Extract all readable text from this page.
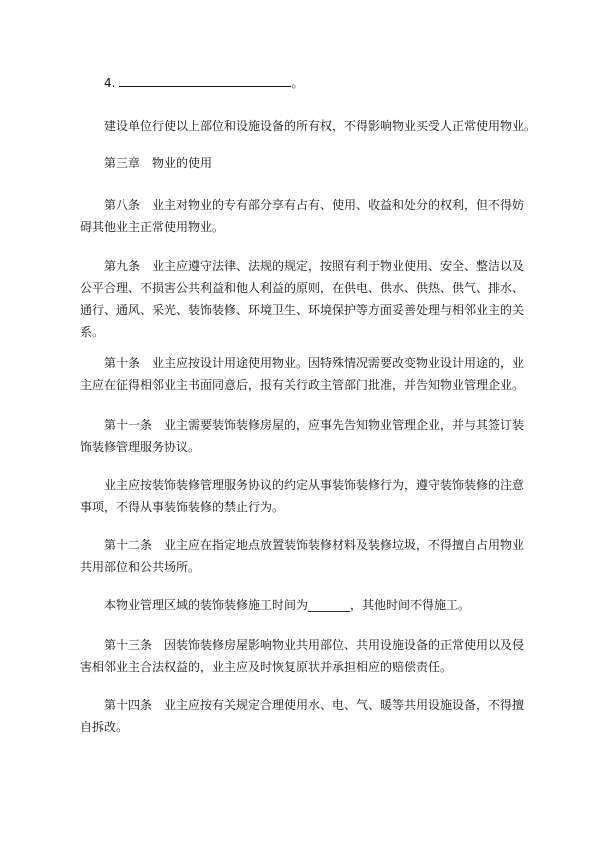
4.	。

建设单位行使以上部位和设施设备的所有权，不得影响物业买受人正常使用物业。

第三章　物业的使用

第八条　业主对物业的专有部分享有占有、使用、收益和处分的权利，但不得妨
碍其他业主正常使用物业。

第九条　业主应遵守法律、法规的规定，按照有利于物业使用、安全、整洁以及
公平合理、不损害公共利益和他人利益的原则，在供电、供水、供热、供气、排水、
通行、通风、采光、装饰装修、环境卫生、环境保护等方面妥善处理与相邻业主的关
系。

第十条　业主应按设计用途使用物业。因特殊情况需要改变物业设计用途的，业
主应在征得相邻业主书面同意后，报有关行政主管部门批准，并告知物业管理企业。

第十一条　业主需要装饰装修房屋的，应事先告知物业管理企业，并与其签订装
饰装修管理服务协议。

业主应按装饰装修管理服务协议的约定从事装饰装修行为，遵守装饰装修的注意
事项，不得从事装饰装修的禁止行为。

第十二条　业主应在指定地点放置装饰装修材料及装修垃圾，不得擅自占用物业
共用部位和公共场所。

本物业管理区域的装饰装修施工时间为_______，其他时间不得施工。

第十三条　因装饰装修房屋影响物业共用部位、共用设施设备的正常使用以及侵
害相邻业主合法权益的，业主应及时恢复原状并承担相应的赔偿责任。

第十四条　业主应按有关规定合理使用水、电、气、暖等共用设施设备，不得擅
自拆改。
